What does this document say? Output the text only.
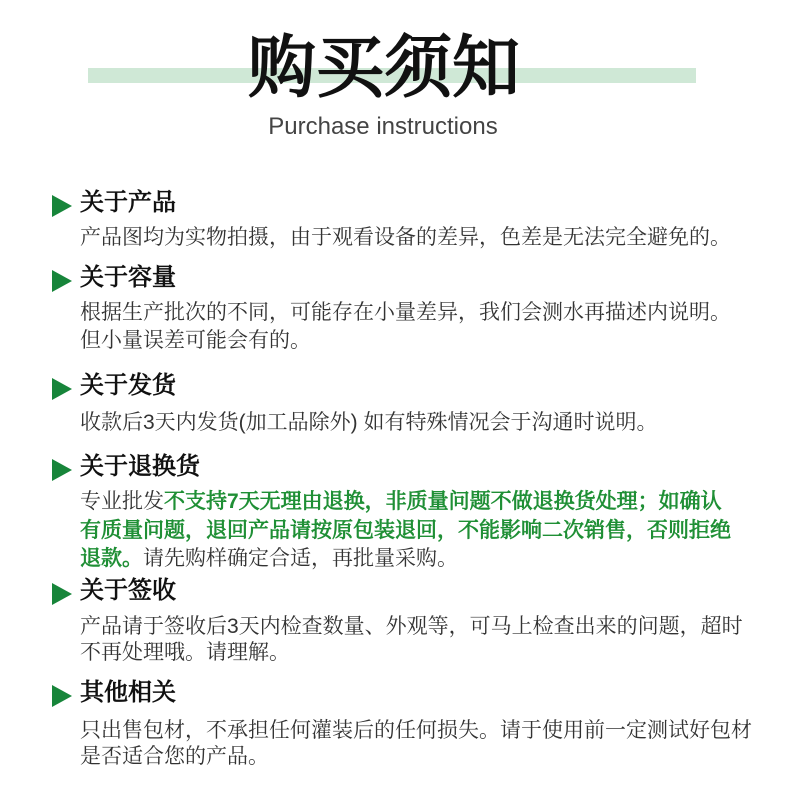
购买须知
Purchase instructions
关于产品
产品图均为实物拍摄，由于观看设备的差异，色差是无法完全避免的。
关于容量
根据生产批次的不同，可能存在小量差异，我们会测水再描述内说明。
但小量误差可能会有的。
关于发货
收款后3天内发货(加工品除外) 如有特殊情况会于沟通时说明。
关于退换货
专业批发不支持7天无理由退换，非质量问题不做退换货处理；如确认
有质量问题，退回产品请按原包装退回，不能影响二次销售，否则拒绝
退款。请先购样确定合适，再批量采购。
关于签收
产品请于签收后3天内检查数量、外观等，可马上检查出来的问题，超时
不再处理哦。请理解。
其他相关
只出售包材，不承担任何灌装后的任何损失。请于使用前一定测试好包材
是否适合您的产品。
